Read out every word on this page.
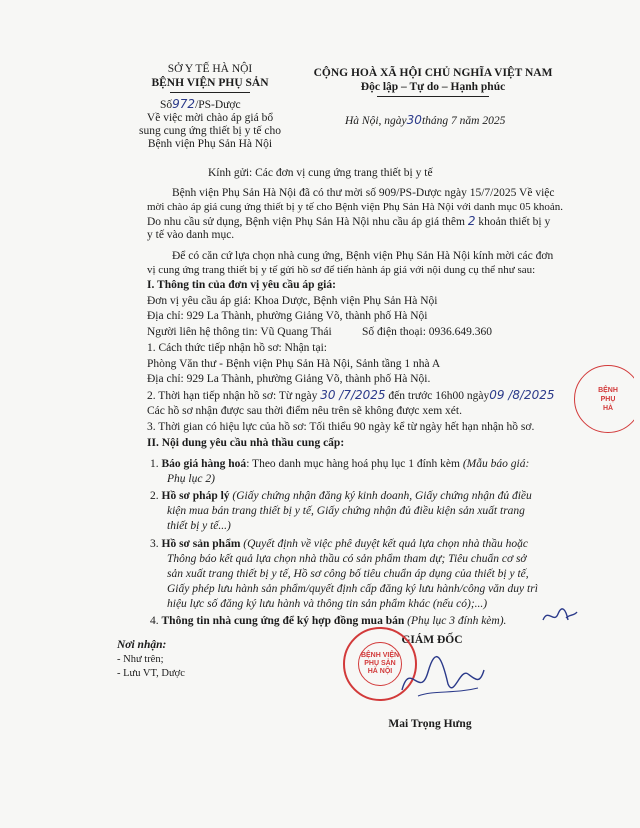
SỞ Y TẾ HÀ NỘI
BỆNH VIỆN PHỤ SẢN
Số972/PS-Dược
Về việc mời chào áp giá bổ
sung cung ứng thiết bị y tế cho
Bệnh viện Phụ Sản Hà Nội
CỘNG HOÀ XÃ HỘI CHỦ NGHĨA VIỆT NAM
Độc lập – Tự do – Hạnh phúc
Hà Nội, ngày30tháng 7 năm 2025
Kính gửi: Các đơn vị cung ứng trang thiết bị y tế
Bệnh viện Phụ Sản Hà Nội đã có thư mời số 909/PS-Dược ngày 15/7/2025 Về việc
mời chào áp giá cung ứng thiết bị y tế cho Bệnh viện Phụ Sản Hà Nội với danh mục 05 khoản.
Do nhu cầu sử dụng, Bệnh viện Phụ Sản Hà Nội nhu cầu áp giá thêm 2 khoản thiết bị y
y tế vào danh mục.
Để có căn cứ lựa chọn nhà cung ứng, Bệnh viện Phụ Sản Hà Nội kính mời các đơn
vị cung ứng trang thiết bị y tế gửi hồ sơ để tiến hành áp giá với nội dung cụ thể như sau:
I. Thông tin của đơn vị yêu cầu áp giá:
Đơn vị yêu cầu áp giá: Khoa Dược, Bệnh viện Phụ Sản Hà Nội
Địa chỉ: 929 La Thành, phường Giảng Võ, thành phố Hà Nội
Người liên hệ thông tin: Vũ Quang Thái	Số điện thoại: 0936.649.360
1. Cách thức tiếp nhận hồ sơ: Nhận tại:
Phòng Văn thư - Bệnh viện Phụ Sản Hà Nội, Sảnh tầng 1 nhà A
Địa chỉ: 929 La Thành, phường Giảng Võ, thành phố Hà Nội.
2. Thời hạn tiếp nhận hồ sơ: Từ ngày 30 /7/2025 đến trước 16h00 ngày09 /8/2025
Các hồ sơ nhận được sau thời điểm nêu trên sẽ không được xem xét.
3. Thời gian có hiệu lực của hồ sơ: Tối thiểu 90 ngày kể từ ngày hết hạn nhận hồ sơ.
II. Nội dung yêu cầu nhà thầu cung cấp:
1. Báo giá hàng hoá: Theo danh mục hàng hoá phụ lục 1 đính kèm (Mẫu báo giá:
Phụ lục 2)
2. Hồ sơ pháp lý (Giấy chứng nhận đăng ký kinh doanh, Giấy chứng nhận đủ điều
kiện mua bán trang thiết bị y tế, Giấy chứng nhận đủ điều kiện sản xuất trang
thiết bị y tế...)
3. Hồ sơ sản phẩm (Quyết định về việc phê duyệt kết quả lựa chọn nhà thầu hoặc
Thông báo kết quả lựa chọn nhà thầu có sản phẩm tham dự; Tiêu chuẩn cơ sở
sản xuất trang thiết bị y tế, Hồ sơ công bố tiêu chuẩn áp dụng của thiết bị y tế,
Giấy phép lưu hành sản phẩm/quyết định cấp đăng ký lưu hành/công văn duy trì
hiệu lực số đăng ký lưu hành và thông tin sản phẩm khác (nếu có);...)
4. Thông tin nhà cung ứng để ký hợp đồng mua bán (Phụ lục 3 đính kèm).
Nơi nhận:
- Như trên;
- Lưu VT, Dược
GIÁM ĐỐC
Mai Trọng Hưng
BỆNH VIỆN
PHỤ SẢN
HÀ NỘI
BỆNH
PHỤ
HÀ
